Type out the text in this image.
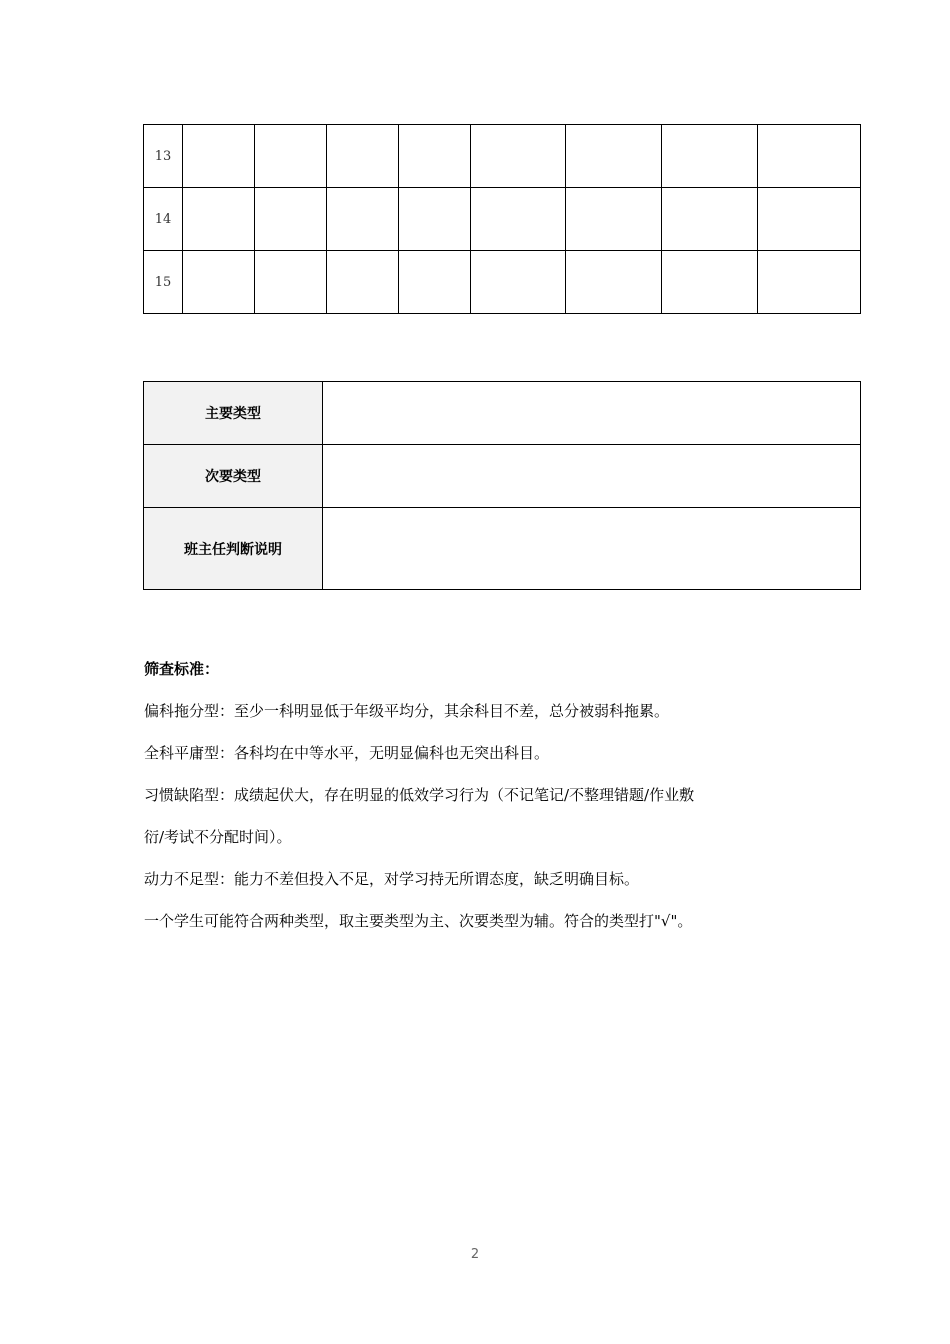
13								
14								
15								
主要类型	
次要类型	
班主任判断说明	
筛查标准：

偏科拖分型：至少一科明显低于年级平均分，其余科目不差，总分被弱科拖累。

全科平庸型：各科均在中等水平，无明显偏科也无突出科目。

习惯缺陷型：成绩起伏大，存在明显的低效学习行为（不记笔记/不整理错题/作业敷
衍/考试不分配时间）。

动力不足型：能力不差但投入不足，对学习持无所谓态度，缺乏明确目标。

一个学生可能符合两种类型，取主要类型为主、次要类型为辅。符合的类型打"√"。

2
